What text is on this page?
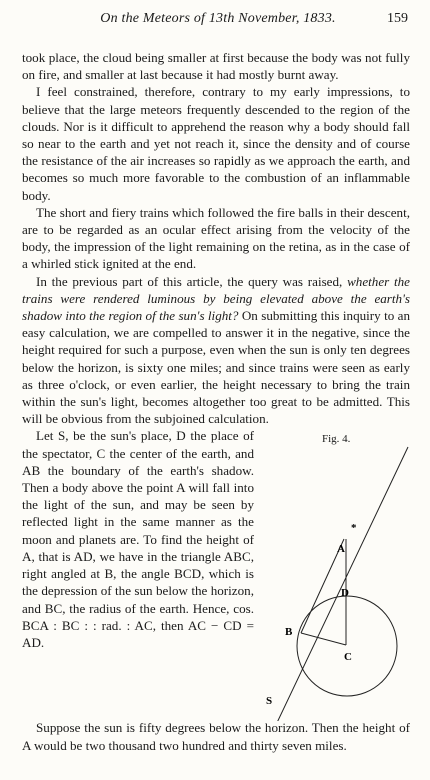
On the Meteors of 13th November, 1833.	159

took place, the cloud being smaller at first because the body was not fully on fire, and smaller at last because it had mostly burnt away.

I feel constrained, therefore, contrary to my early impressions, to believe that the large meteors frequently descended to the region of the clouds. Nor is it difficult to apprehend the reason why a body should fall so near to the earth and yet not reach it, since the density and of course the resistance of the air increases so rapidly as we approach the earth, and becomes so much more favorable to the combustion of an inflammable body.

The short and fiery trains which followed the fire balls in their descent, are to be regarded as an ocular effect arising from the velocity of the body, the impression of the light remaining on the retina, as in the case of a whirled stick ignited at the end.

In the previous part of this article, the query was raised, whether the trains were rendered luminous by being elevated above the earth's shadow into the region of the sun's light? On submitting this inquiry to an easy calculation, we are compelled to answer it in the negative, since the height required for such a purpose, even when the sun is only ten degrees below the horizon, is sixty one miles; and since trains were seen as early as three o'clock, or even earlier, the height necessary to bring the train within the sun's light, becomes altogether too great to be admitted. This will be obvious from the subjoined calculation.

Let S, be the sun's place, D the place of the spectator, C the center of the earth, and AB the boundary of the earth's shadow. Then a body above the point A will fall into the light of the sun, and may be seen by reflected light in the same manner as the moon and planets are. To find the height of A, that is AD, we have in the triangle ABC, right angled at B, the angle BCD, which is the depression of the sun below the horizon, and BC, the radius of the earth. Hence, cos. BCA : BC : : rad. : AC, then AC − CD = AD.

Fig. 4.
*
A
D
B
C
S

Suppose the sun is fifty degrees below the horizon. Then the height of A would be two thousand two hundred and thirty seven miles.
